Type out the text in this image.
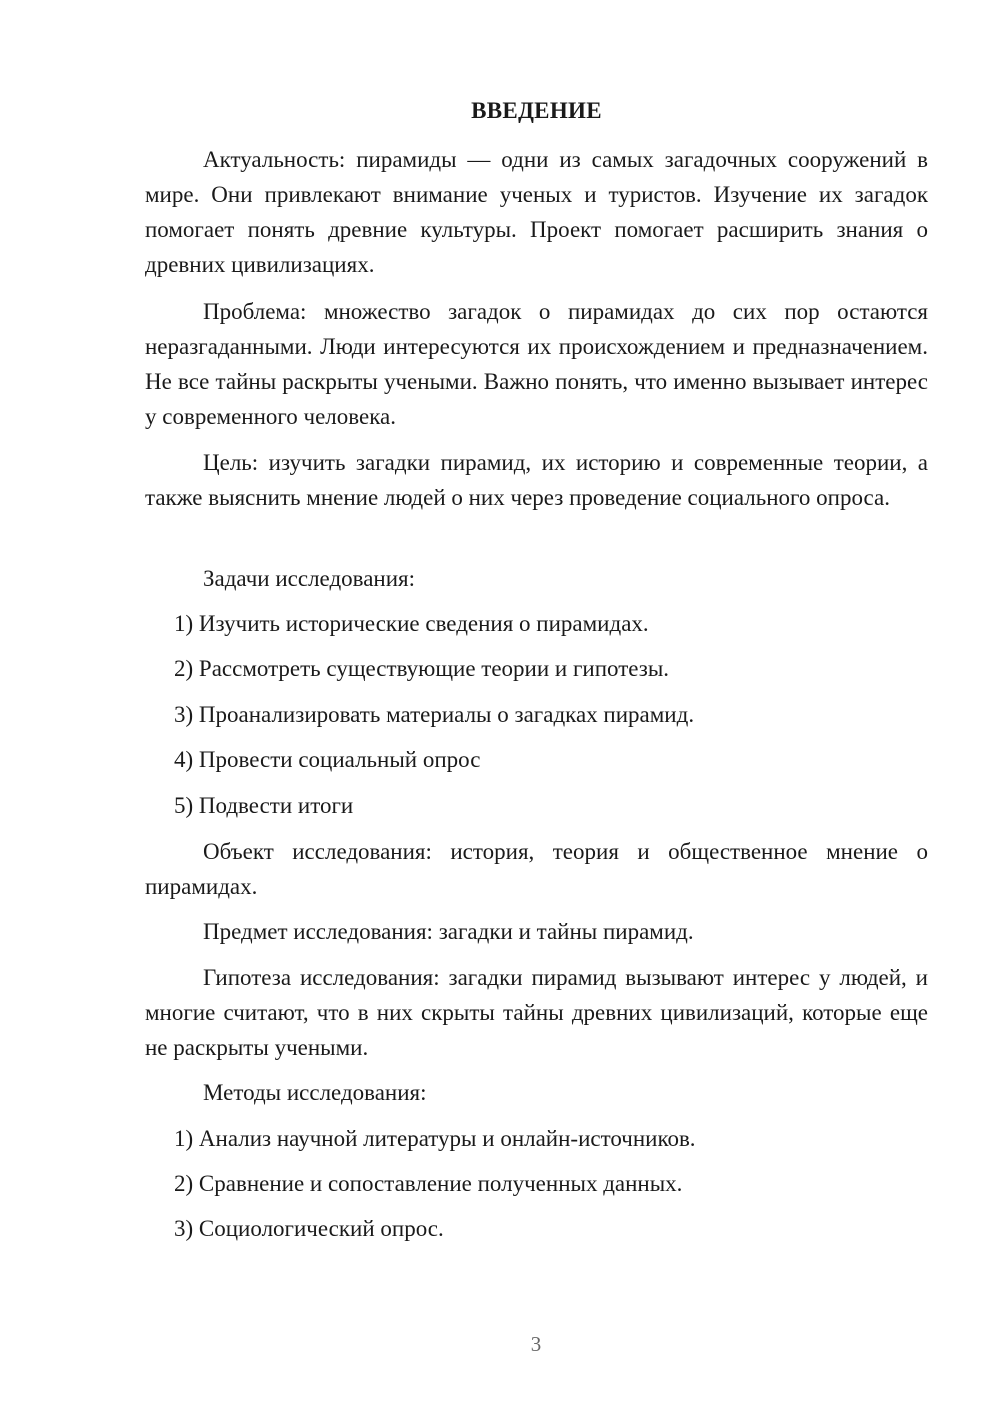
ВВЕДЕНИЕ

Актуальность: пирамиды — одни из самых загадочных сооружений в мире. Они привлекают внимание ученых и туристов. Изучение их загадок помогает понять древние культуры. Проект помогает расширить знания о древних цивилизациях.

Проблема: множество загадок о пирамидах до сих пор остаются неразгаданными. Люди интересуются их происхождением и предназначением. Не все тайны раскрыты учеными. Важно понять, что именно вызывает интерес у современного человека.

Цель: изучить загадки пирамид, их историю и современные теории, а также выяснить мнение людей о них через проведение социального опроса.

Задачи исследования:

1) Изучить исторические сведения о пирамидах.

2) Рассмотреть существующие теории и гипотезы.

3) Проанализировать материалы о загадках пирамид.

4) Провести социальный опрос

5) Подвести итоги

Объект исследования: история, теория и общественное мнение о пирамидах.

Предмет исследования: загадки и тайны пирамид.

Гипотеза исследования: загадки пирамид вызывают интерес у людей, и многие считают, что в них скрыты тайны древних цивилизаций, которые еще не раскрыты учеными.

Методы исследования:

1) Анализ научной литературы и онлайн-источников.

2) Сравнение и сопоставление полученных данных.

3) Социологический опрос.

3
